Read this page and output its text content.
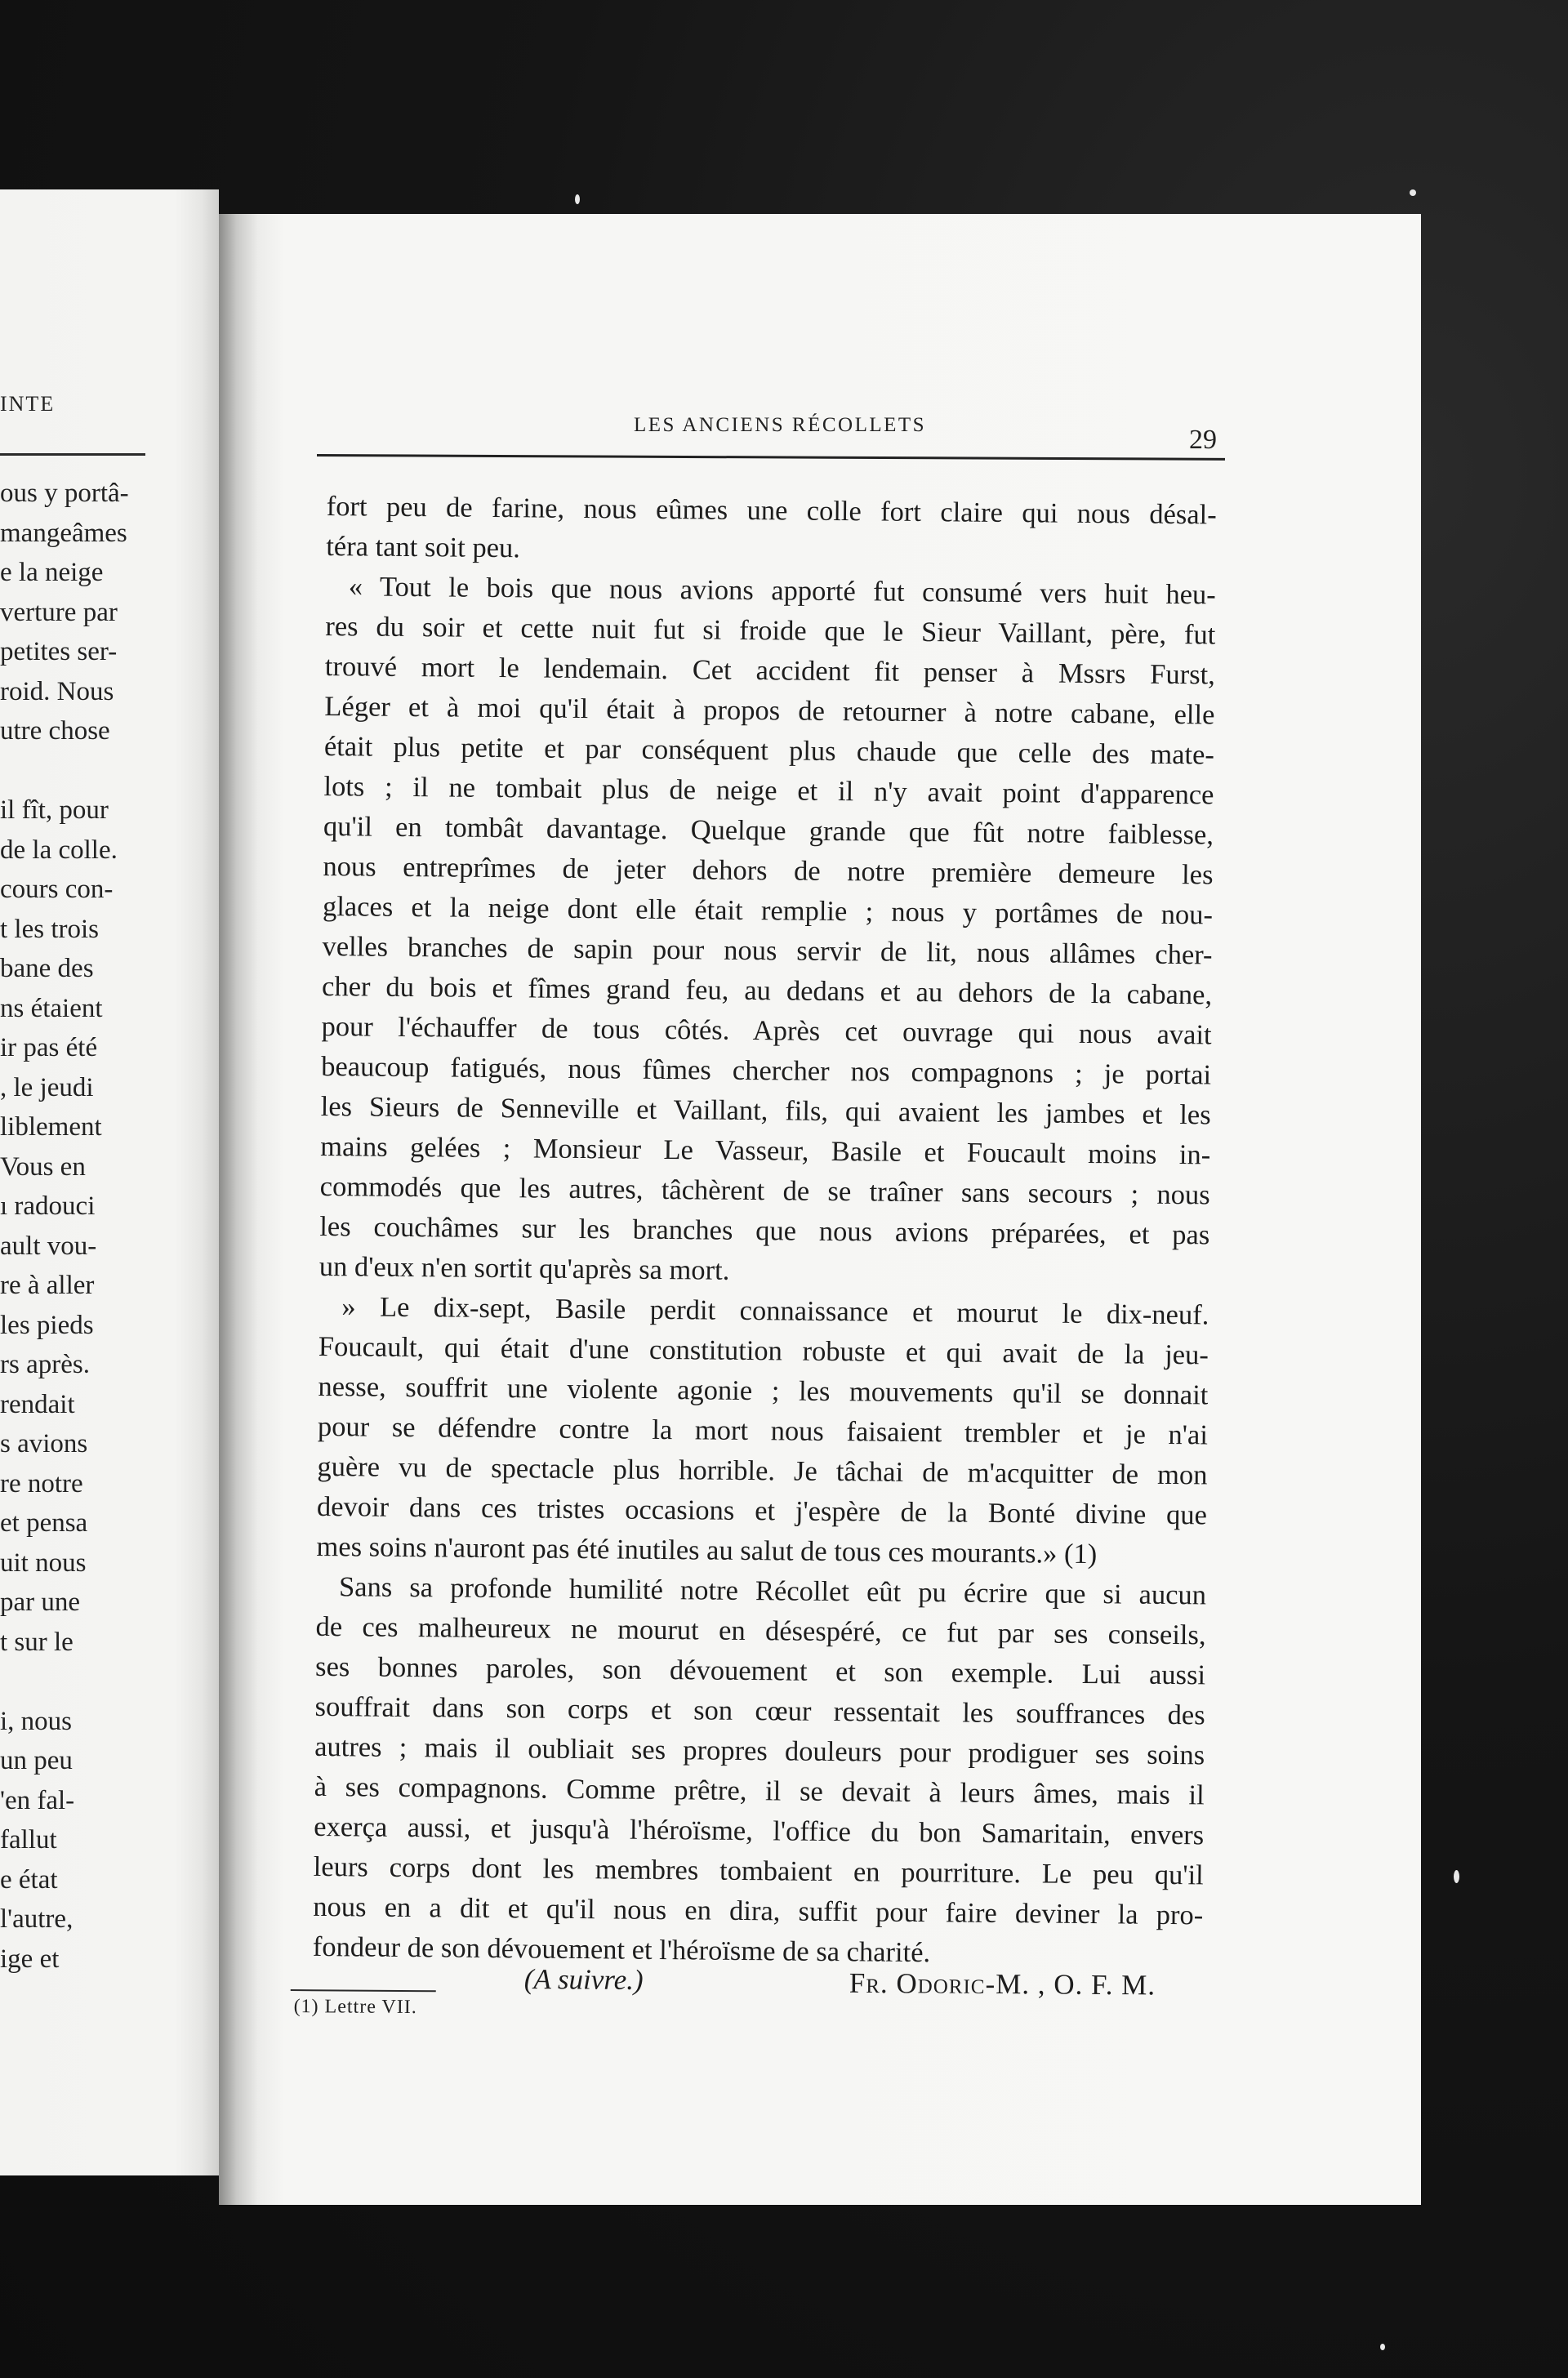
INTE
ous y portâ-
mangeâmes
e la neige
verture par
petites ser-
roid. Nous
utre chose
il fît, pour
de la colle.
cours con-
t les trois
bane des
ns étaient
ir pas été
, le jeudi
liblement
Vous en
ı radouci
ault vou-
re à aller
les pieds
rs après.
rendait
s avions
re notre
et pensa
uit nous
par une
t sur le
i, nous
un peu
'en fal-
fallut
e état
l'autre,
ige et
LES ANCIENS RÉCOLLETS	29
fort peu de farine, nous eûmes une colle fort claire qui nous désal-
téra tant soit peu.
« Tout le bois que nous avions apporté fut consumé vers huit heu-
res du soir et cette nuit fut si froide que le Sieur Vaillant, père, fut
trouvé mort le lendemain. Cet accident fit penser à Mssrs Furst,
Léger et à moi qu'il était à propos de retourner à notre cabane, elle
était plus petite et par conséquent plus chaude que celle des mate-
lots ; il ne tombait plus de neige et il n'y avait point d'apparence
qu'il en tombât davantage. Quelque grande que fût notre faiblesse,
nous entreprîmes de jeter dehors de notre première demeure les
glaces et la neige dont elle était remplie ; nous y portâmes de nou-
velles branches de sapin pour nous servir de lit, nous allâmes cher-
cher du bois et fîmes grand feu, au dedans et au dehors de la cabane,
pour l'échauffer de tous côtés. Après cet ouvrage qui nous avait
beaucoup fatigués, nous fûmes chercher nos compagnons ; je portai
les Sieurs de Senneville et Vaillant, fils, qui avaient les jambes et les
mains gelées ; Monsieur Le Vasseur, Basile et Foucault moins in-
commodés que les autres, tâchèrent de se traîner sans secours ; nous
les couchâmes sur les branches que nous avions préparées, et pas
un d'eux n'en sortit qu'après sa mort.
» Le dix-sept, Basile perdit connaissance et mourut le dix-neuf.
Foucault, qui était d'une constitution robuste et qui avait de la jeu-
nesse, souffrit une violente agonie ; les mouvements qu'il se donnait
pour se défendre contre la mort nous faisaient trembler et je n'ai
guère vu de spectacle plus horrible. Je tâchai de m'acquitter de mon
devoir dans ces tristes occasions et j'espère de la Bonté divine que
mes soins n'auront pas été inutiles au salut de tous ces mourants.» (1)
Sans sa profonde humilité notre Récollet eût pu écrire que si aucun
de ces malheureux ne mourut en désespéré, ce fut par ses conseils,
ses bonnes paroles, son dévouement et son exemple. Lui aussi
souffrait dans son corps et son cœur ressentait les souffrances des
autres ; mais il oubliait ses propres douleurs pour prodiguer ses soins
à ses compagnons. Comme prêtre, il se devait à leurs âmes, mais il
exerça aussi, et jusqu'à l'héroïsme, l'office du bon Samaritain, envers
leurs corps dont les membres tombaient en pourriture. Le peu qu'il
nous en a dit et qu'il nous en dira, suffit pour faire deviner la pro-
fondeur de son dévouement et l'héroïsme de sa charité.
(A suivre.)	Fr. Odoric-M. , O. F. M.
(1) Lettre VII.
